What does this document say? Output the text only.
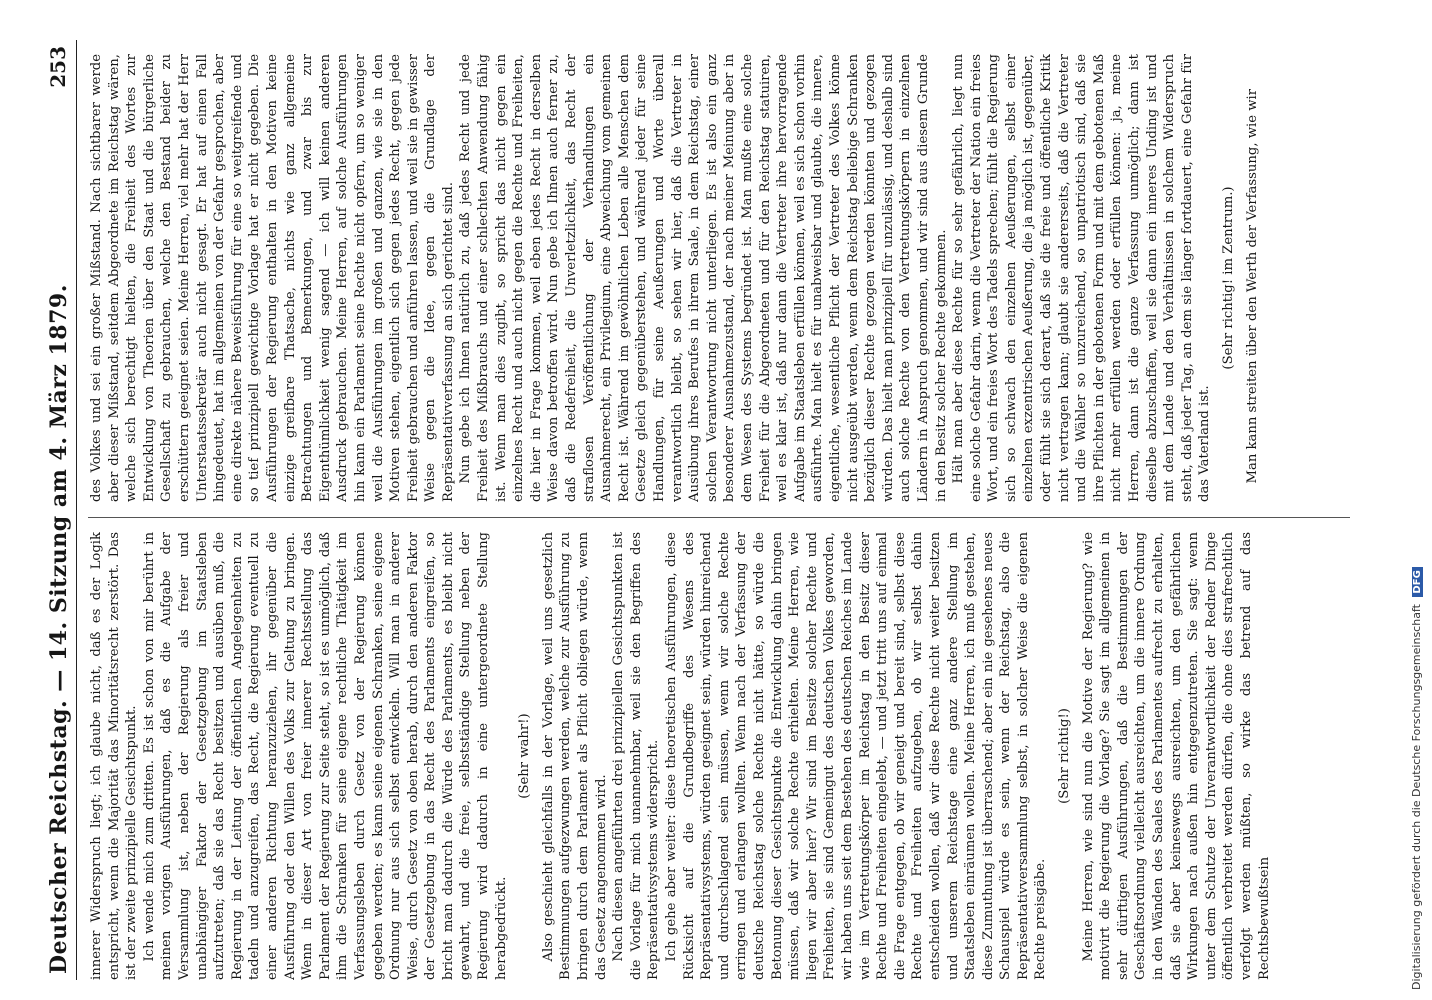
Deutscher Reichstag. — 14. Sitzung am 4. März 1879.
253

innerer Widerspruch liegt; ich glaube nicht, daß es der Logik entspricht, wenn die Majorität das Minoritätsrecht zerstört. Das ist der zweite prinzipielle Gesichtspunkt. Ich wende mich zum dritten. Es ist schon von mir berührt in meinen vorigen Ausführungen, daß es die Aufgabe der Versammlung ist, neben der Regierung als freier und unabhängiger Faktor der Gesetzgebung im Staatsleben aufzutreten; daß sie das Recht besitzen und ausüben muß, die Regierung in der Leitung der öffentlichen Angelegenheiten zu tadeln und anzugreifen, das Recht, die Regierung eventuell zu einer anderen Richtung heranzuziehen, ihr gegenüber die Ausführung oder den Willen des Volks zur Geltung zu bringen. Wenn in dieser Art von freier innerer Rechtsstellung das Parlament der Regierung zur Seite steht, so ist es unmöglich, daß ihm die Schranken für seine eigene rechtliche Thätigkeit im Verfassungsleben durch Gesetz von der Regierung können gegeben werden; es kann seine eigenen Schranken, seine eigene Ordnung nur aus sich selbst entwickeln. Will man in anderer Weise, durch Gesetz von oben herab, durch den anderen Faktor der Gesetzgebung in das Recht des Parlaments eingreifen, so bricht man dadurch die Würde des Parlaments, es bleibt nicht gewahrt, und die freie, selbstständige Stellung neben der Regierung wird dadurch in eine untergeordnete Stellung herabgedrückt.

(Sehr wahr!) Also geschieht gleichfalls in der Vorlage, weil uns gesetzlich Bestimmungen aufgezwungen werden, welche zur Ausführung zu bringen durch dem Parlament als Pflicht obliegen würde, wenn das Gesetz angenommen wird. Nach diesen angeführten drei prinzipiellen Gesichtspunkten ist die Vorlage für mich unannehmbar, weil sie den Begriffen des Repräsentativsystems widerspricht. Ich gehe aber weiter: diese theoretischen Ausführungen, diese Rücksicht auf die Grundbegriffe des Wesens des Repräsentativsystems, würden geeignet sein, würden hinreichend und durchschlagend sein müssen, wenn wir solche Rechte erringen und erlangen wollten. Wenn nach der Verfassung der deutsche Reichstag solche Rechte nicht hätte, so würde die Betonung dieser Gesichtspunkte die Entwicklung dahin bringen müssen, daß wir solche Rechte erhielten. Meine Herren, wie liegen wir aber hier? Wir sind im Besitze solcher Rechte und Freiheiten, sie sind Gemeingut des deutschen Volkes geworden, wir haben uns seit dem Bestehen des deutschen Reiches im Lande wie im Vertretungskörper im Reichstag in den Besitz dieser Rechte und Freiheiten eingelebt, — und jetzt tritt uns auf einmal die Frage entgegen, ob wir geneigt und bereit sind, selbst diese Rechte und Freiheiten aufzugeben, ob wir selbst dahin entscheiden wollen, daß wir diese Rechte nicht weiter besitzen und unserem Reichstage eine ganz andere Stellung im Staatsleben einräumen wollen. Meine Herren, ich muß gestehen, diese Zumuthung ist überraschend; aber ein nie gesehenes neues Schauspiel würde es sein, wenn der Reichstag, also die Repräsentativversammlung selbst, in solcher Weise die eigenen Rechte preisgäbe.

(Sehr richtig!) Meine Herren, wie sind nun die Motive der Regierung? wie motivirt die Regierung die Vorlage? Sie sagt im allgemeinen in sehr dürftigen Ausführungen, daß die Bestimmungen der Geschäftsordnung vielleicht ausreichten, um die innere Ordnung in den Wänden des Saales des Parlamentes aufrecht zu erhalten, daß sie aber keineswegs ausreichten, um den gefährlichen Wirkungen nach außen hin entgegenzutreten. Sie sagt: wenn unter dem Schutze der Unverantwortlichkeit der Redner Dinge öffentlich verbreitet werden dürfen, die ohne dies strafrechtlich verfolgt werden müßten, so wirke das betrend auf das Rechtsbewußtsein

des Volkes und sei ein großer Mißstand. Nach sichtbarer werde aber dieser Mißstand, seitdem Abgeordnete im Reichstag wären, welche sich berechtigt hielten, die Freiheit des Wortes zur Entwicklung von Theorien über den Staat und die bürgerliche Gesellschaft zu gebrauchen, welche den Bestand beider zu erschüttern geeignet seien. Meine Herren, viel mehr hat der Herr Unterstaatssekretär auch nicht gesagt. Er hat auf einen Fall hingedeutet, hat im allgemeinen von der Gefahr gesprochen, aber eine direkte nähere Beweisführung für eine so weitgreifende und so tief prinzipiell gewichtige Vorlage hat er nicht gegeben. Die Ausführungen der Regierung enthalten in den Motiven keine einzige greifbare Thatsache, nichts wie ganz allgemeine Betrachtungen und Bemerkungen, und zwar bis zur Eigenthümlichkeit wenig sagend — ich will keinen anderen Ausdruck gebrauchen. Meine Herren, auf solche Ausführungen hin kann ein Parlament seine Rechte nicht opfern, um so weniger weil die Ausführungen im großen und ganzen, wie sie in den Motiven stehen, eigentlich sich gegen jedes Recht, gegen jede Freiheit gebrauchen und anführen lassen, und weil sie in gewisser Weise gegen die Idee, gegen die Grundlage der Repräsentativverfassung an sich gerichtet sind. Nun gebe ich Ihnen natürlich zu, daß jedes Recht und jede Freiheit des Mißbrauchs und einer schlechten Anwendung fähig ist. Wenn man dies zugibt, so spricht das nicht gegen ein einzelnes Recht und auch nicht gegen die Rechte und Freiheiten, die hier in Frage kommen, weil eben jedes Recht in derselben Weise davon betroffen wird. Nun gebe ich Ihnen auch ferner zu, daß die Redefreiheit, die Unverletzlichkeit, das Recht der straflosen Veröffentlichung der Verhandlungen ein Ausnahmerecht, ein Privilegium, eine Abweichung vom gemeinen Recht ist. Während im gewöhnlichen Leben alle Menschen dem Gesetze gleich gegenüberstehen, und während jeder für seine Handlungen, für seine Aeußerungen und Worte überall verantwortlich bleibt, so sehen wir hier, daß die Vertreter in Ausübung ihres Berufes in ihrem Saale, in dem Reichstag, einer solchen Verantwortung nicht unterliegen. Es ist also ein ganz besonderer Ausnahmezustand, der nach meiner Meinung aber in dem Wesen des Systems begründet ist. Man mußte eine solche Freiheit für die Abgeordneten und für den Reichstag statuiren, weil es klar ist, daß nur dann die Vertreter ihre hervorragende Aufgabe im Staatsleben erfüllen können, weil es sich schon vorhin ausführte. Man hielt es für unabweisbar und glaubte, die innere, eigentliche, wesentliche Pflicht der Vertreter des Volkes könne nicht ausgeübt werden, wenn dem Reichstag beliebige Schranken bezüglich dieser Rechte gezogen werden könnten und gezogen würden. Das hielt man prinzipiell für unzulässig, und deshalb sind auch solche Rechte von den Vertretungskörpern in einzelnen Ländern in Anspruch genommen, und wir sind aus diesem Grunde in den Besitz solcher Rechte gekommen. Hält man aber diese Rechte für so sehr gefährlich, liegt nun eine solche Gefahr darin, wenn die Vertreter der Nation ein freies Wort, und ein freies Wort des Tadels sprechen; fühlt die Regierung sich so schwach den einzelnen Aeußerungen, selbst einer einzelnen exzentrischen Aeußerung, die ja möglich ist, gegenüber, oder fühlt sie sich derart, daß sie die freie und öffentliche Kritik nicht vertragen kann; glaubt sie andererseits, daß die Vertreter und die Wähler so unzureichend, so unpatriotisch sind, daß sie ihre Pflichten in der gebotenen Form und mit dem gebotenen Maß nicht mehr erfüllen werden oder erfüllen können: ja, meine Herren, dann ist die ganze Verfassung unmöglich; dann ist dieselbe abzuschaffen, weil sie dann ein inneres Unding ist und mit dem Lande und den Verhältnissen in solchem Widerspruch steht, daß jeder Tag, an dem sie länger fortdauert, eine Gefahr für das Vaterland ist.

(Sehr richtig! im Zentrum.) Man kann streiten über den Werth der Verfassung, wie wir

Digitalisierung gefördert durch die Deutsche Forschungsgemeinschaft DFG
